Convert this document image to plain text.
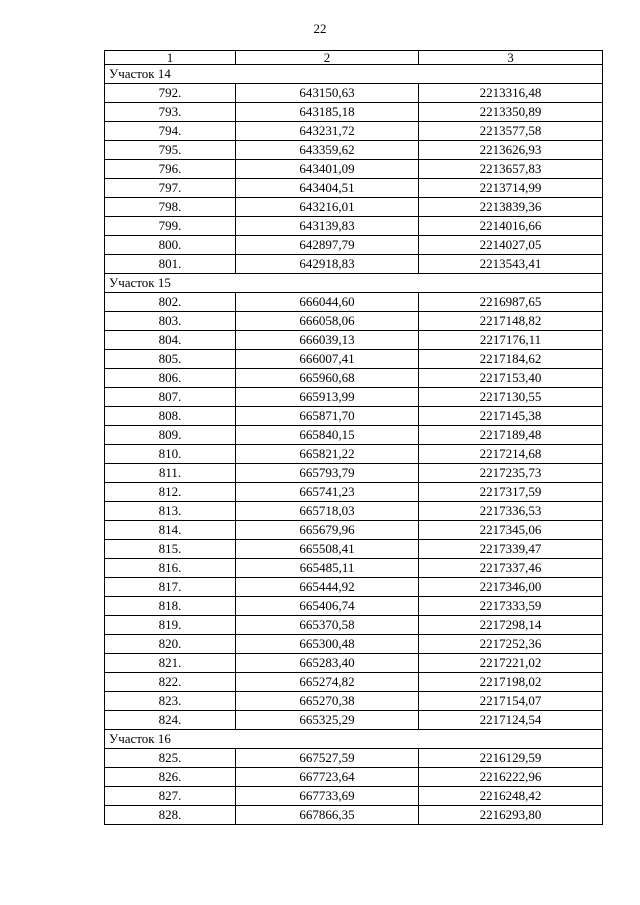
22
1	2	3
Участок 14		
792.	643150,63	2213316,48
793.	643185,18	2213350,89
794.	643231,72	2213577,58
795.	643359,62	2213626,93
796.	643401,09	2213657,83
797.	643404,51	2213714,99
798.	643216,01	2213839,36
799.	643139,83	2214016,66
800.	642897,79	2214027,05
801.	642918,83	2213543,41
Участок 15		
802.	666044,60	2216987,65
803.	666058,06	2217148,82
804.	666039,13	2217176,11
805.	666007,41	2217184,62
806.	665960,68	2217153,40
807.	665913,99	2217130,55
808.	665871,70	2217145,38
809.	665840,15	2217189,48
810.	665821,22	2217214,68
811.	665793,79	2217235,73
812.	665741,23	2217317,59
813.	665718,03	2217336,53
814.	665679,96	2217345,06
815.	665508,41	2217339,47
816.	665485,11	2217337,46
817.	665444,92	2217346,00
818.	665406,74	2217333,59
819.	665370,58	2217298,14
820.	665300,48	2217252,36
821.	665283,40	2217221,02
822.	665274,82	2217198,02
823.	665270,38	2217154,07
824.	665325,29	2217124,54
Участок 16		
825.	667527,59	2216129,59
826.	667723,64	2216222,96
827.	667733,69	2216248,42
828.	667866,35	2216293,80
